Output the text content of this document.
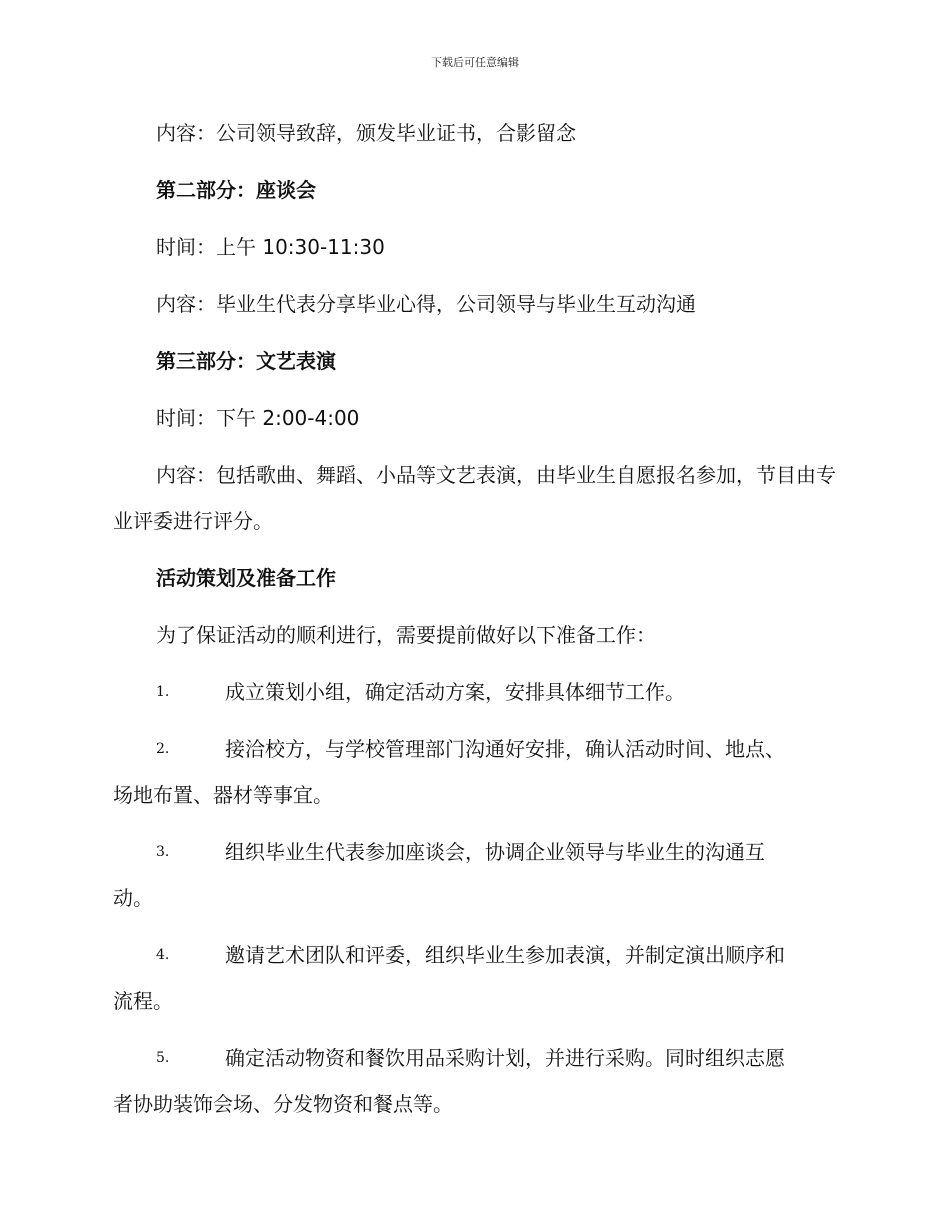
下载后可任意编辑

内容：公司领导致辞，颁发毕业证书，合影留念

第二部分：座谈会

时间：上午 10:30-11:30

内容：毕业生代表分享毕业心得，公司领导与毕业生互动沟通

第三部分：文艺表演

时间：下午 2:00-4:00

内容：包括歌曲、舞蹈、小品等文艺表演，由毕业生自愿报名参加，节目由专业评委进行评分。

活动策划及准备工作

为了保证活动的顺利进行，需要提前做好以下准备工作：

1.	成立策划小组，确定活动方案，安排具体细节工作。
2.	接洽校方，与学校管理部门沟通好安排，确认活动时间、地点、
场地布置、器材等事宜。
3.	组织毕业生代表参加座谈会，协调企业领导与毕业生的沟通互
动。
4.	邀请艺术团队和评委，组织毕业生参加表演，并制定演出顺序和
流程。
5.	确定活动物资和餐饮用品采购计划，并进行采购。同时组织志愿
者协助装饰会场、分发物资和餐点等。
